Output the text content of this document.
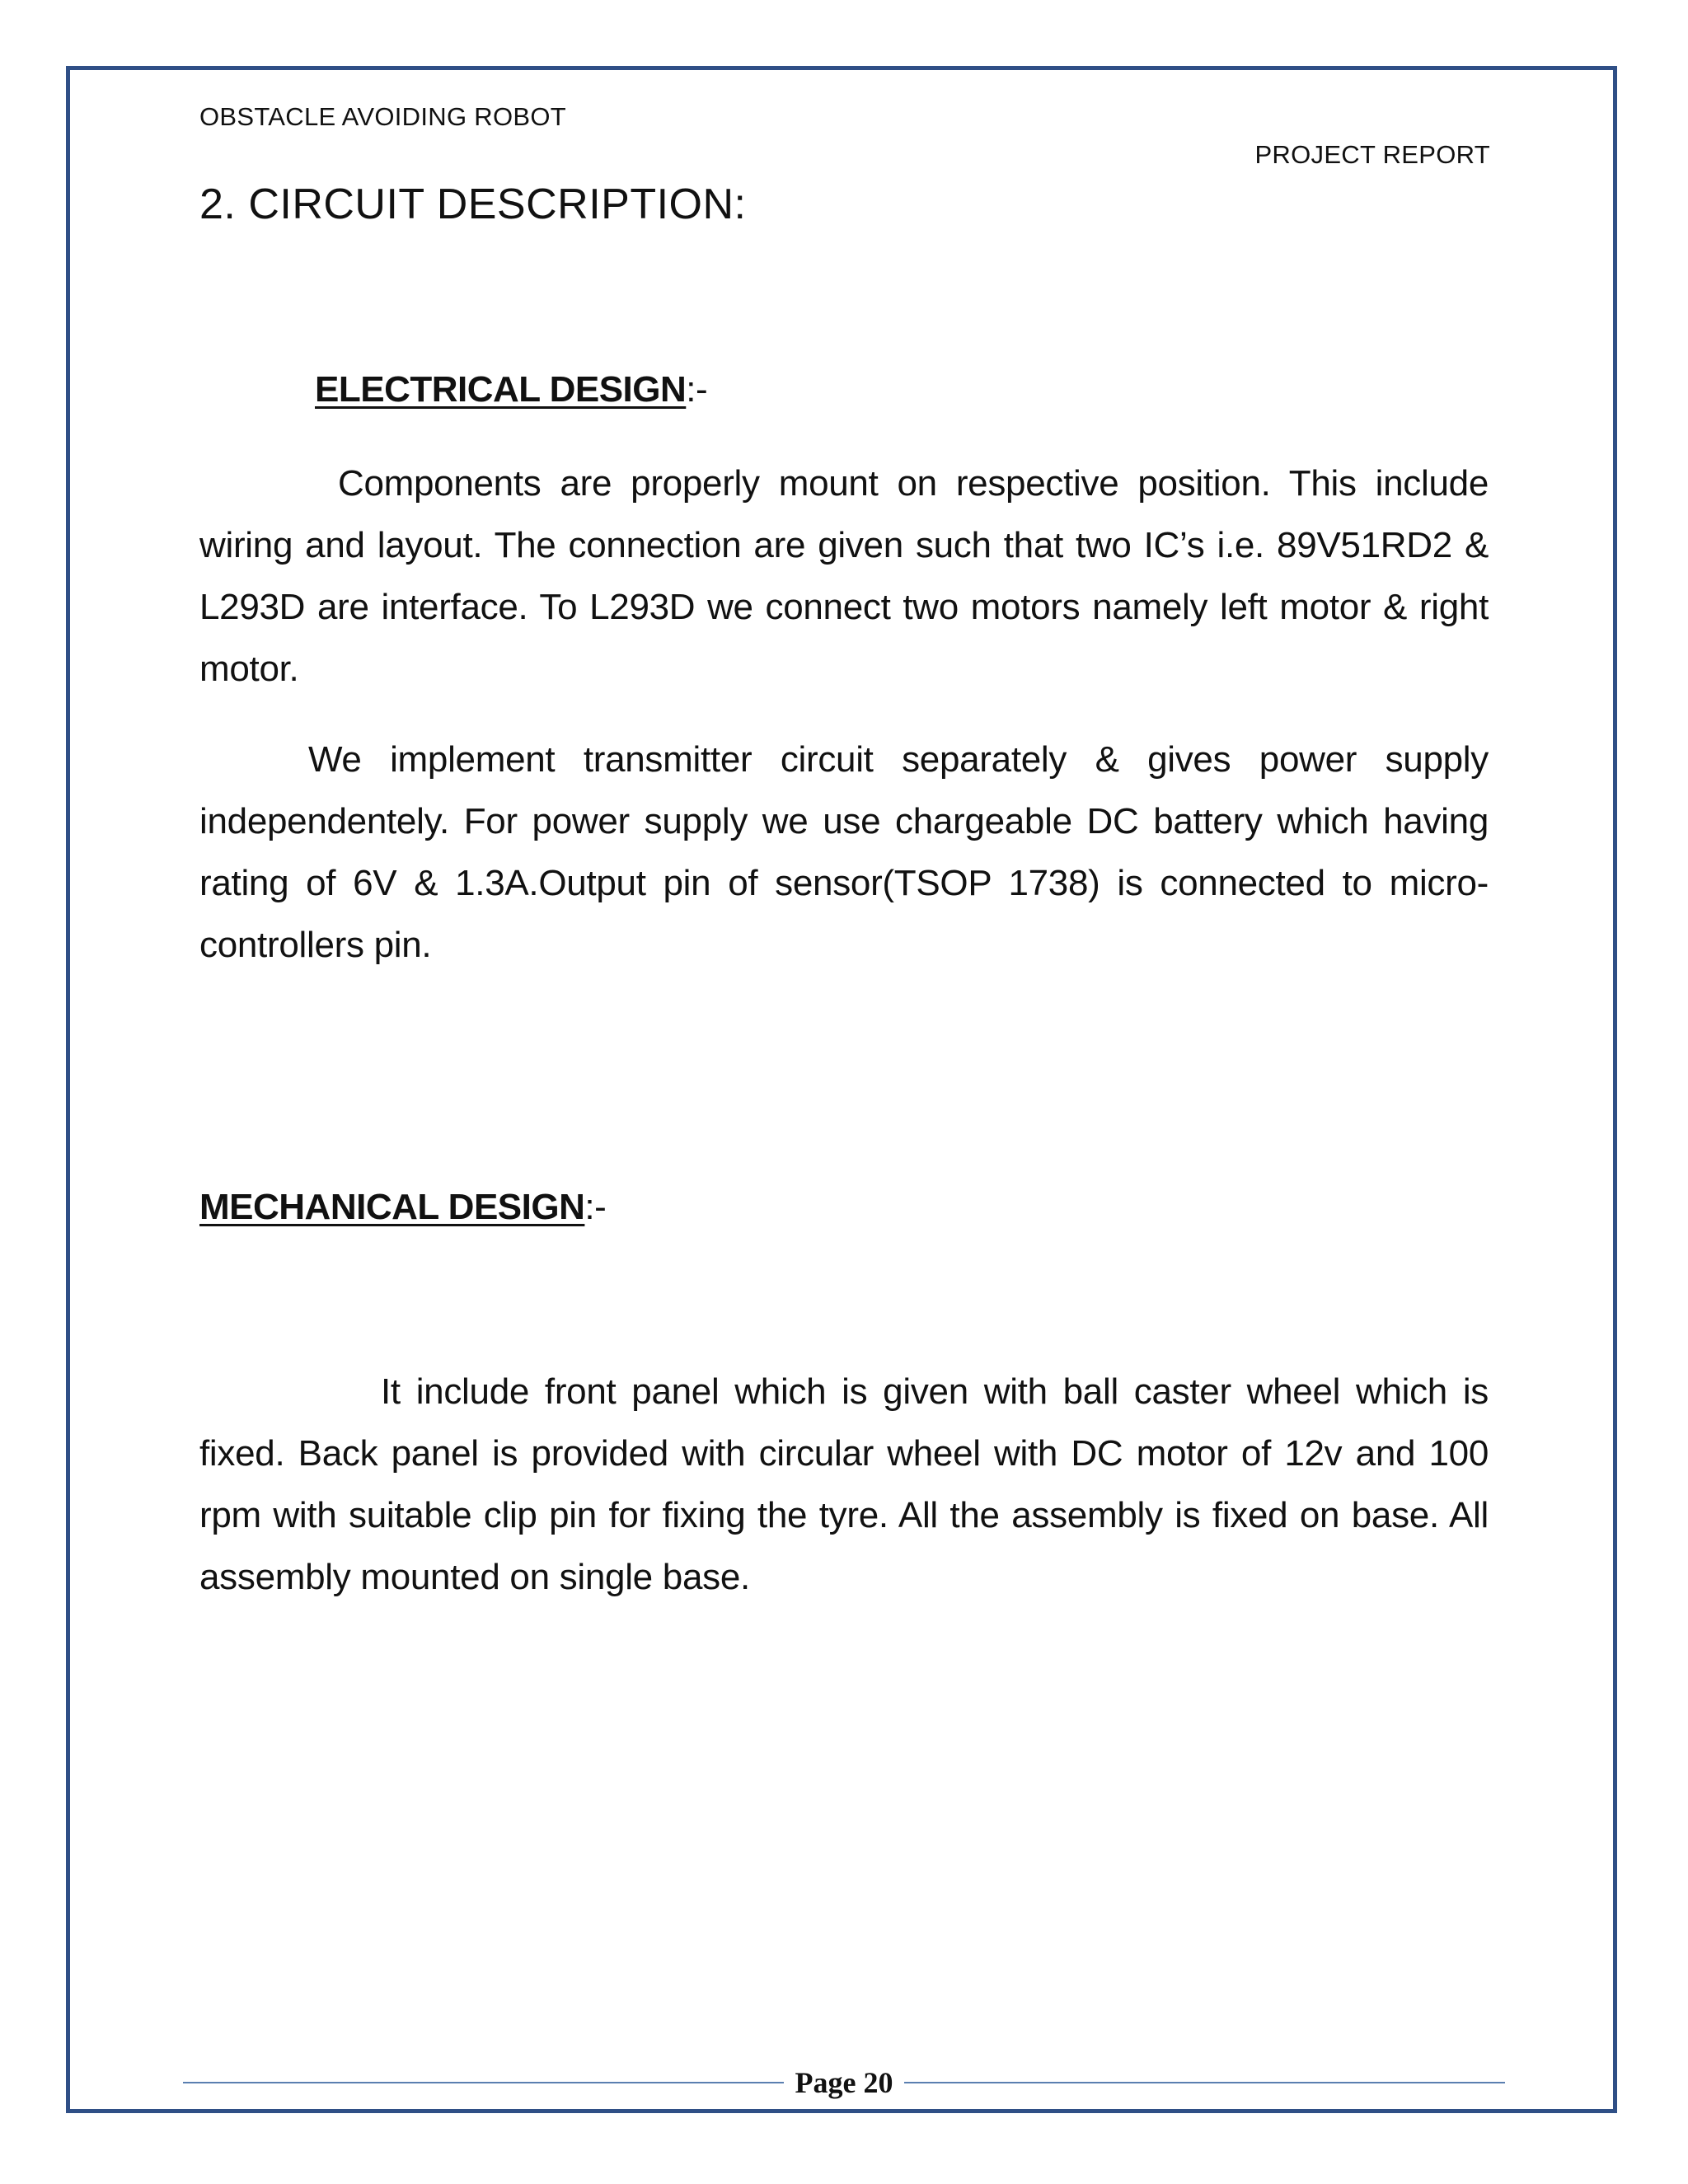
OBSTACLE AVOIDING ROBOT
PROJECT REPORT
2. CIRCUIT DESCRIPTION:
ELECTRICAL DESIGN:-

Components are properly mount on respective position. This include wiring and layout. The connection are given such that two IC’s i.e. 89V51RD2 & L293D are interface. To L293D we connect two motors namely left motor & right motor.

We implement transmitter circuit separately & gives power supply independentely. For power supply we use chargeable DC battery which having rating of 6V & 1.3A.Output pin of sensor(TSOP 1738) is connected to micro-controllers pin.

MECHANICAL DESIGN:-

It include front panel which is given with ball caster wheel which is fixed. Back panel is provided with circular wheel with DC motor of 12v and 100 rpm with suitable clip pin for fixing the tyre. All the assembly is fixed on base. All assembly mounted on single base.

Page 20
